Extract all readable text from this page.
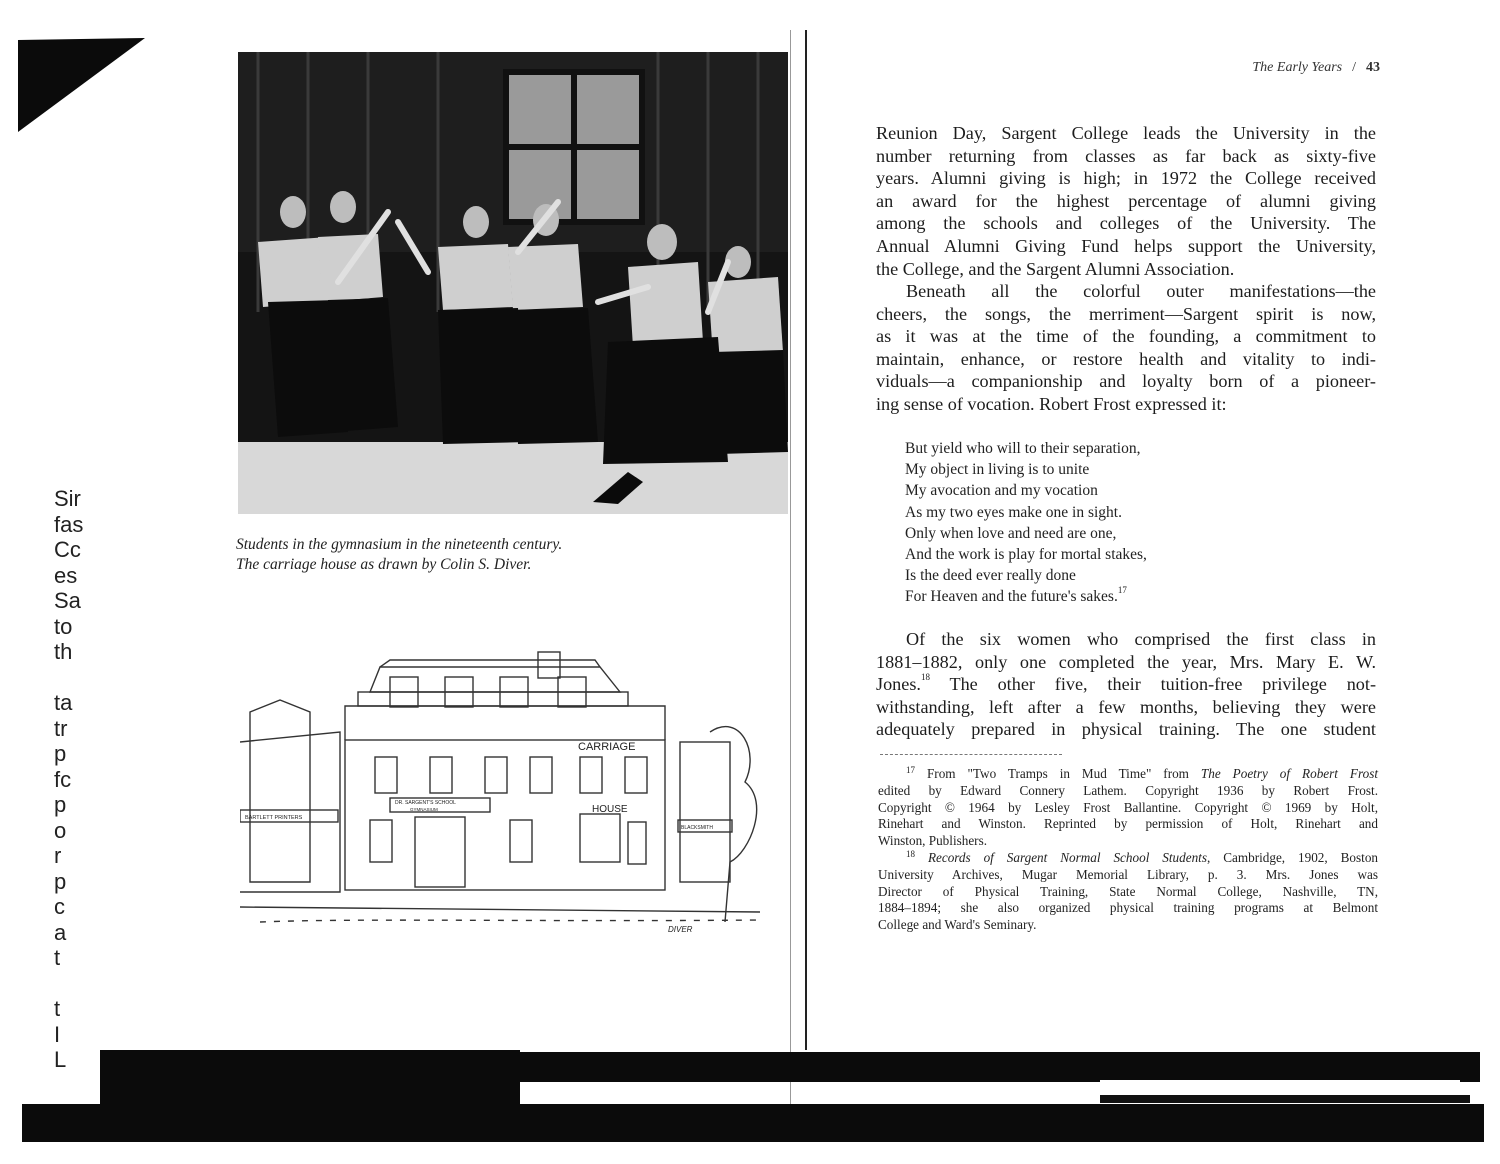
Sir
fas
Cc
es
Sa
to
th
ta
tr
p
fc
p
o
r
p
c
a
t
t
I
L
Students in the gymnasium in the nineteenth century.
The carriage house as drawn by Colin S. Diver.
CARRIAGE
HOUSE
DR. SARGENT'S SCHOOL
GYMNASIUM
BARTLETT PRINTERS
BLACKSMITH
DIVER
The Early Years / 43
Reunion Day, Sargent College leads the University in the
number returning from classes as far back as sixty-five
years. Alumni giving is high; in 1972 the College received
an award for the highest percentage of alumni giving
among the schools and colleges of the University. The
Annual Alumni Giving Fund helps support the University,
the College, and the Sargent Alumni Association.
Beneath all the colorful outer manifestations—the
cheers, the songs, the merriment—Sargent spirit is now,
as it was at the time of the founding, a commitment to
maintain, enhance, or restore health and vitality to indi-
viduals—a companionship and loyalty born of a pioneer-
ing sense of vocation. Robert Frost expressed it:
But yield who will to their separation,
My object in living is to unite
My avocation and my vocation
As my two eyes make one in sight.
Only when love and need are one,
And the work is play for mortal stakes,
Is the deed ever really done
For Heaven and the future's sakes.$^{17}$
Of the six women who comprised the first class in
1881–1882, only one completed the year, Mrs. Mary E. W.
Jones.$^{18}$ The other five, their tuition-free privilege not-
withstanding, left after a few months, believing they were
adequately prepared in physical training. The one student
$^{17}$ From "Two Tramps in Mud Time" from The Poetry of Robert Frost
edited by Edward Connery Lathem. Copyright 1936 by Robert Frost.
Copyright © 1964 by Lesley Frost Ballantine. Copyright © 1969 by Holt,
Rinehart and Winston. Reprinted by permission of Holt, Rinehart and
Winston, Publishers.
$^{18}$ Records of Sargent Normal School Students, Cambridge, 1902, Boston
University Archives, Mugar Memorial Library, p. 3. Mrs. Jones was
Director of Physical Training, State Normal College, Nashville, TN,
1884–1894; she also organized physical training programs at Belmont
College and Ward's Seminary.
